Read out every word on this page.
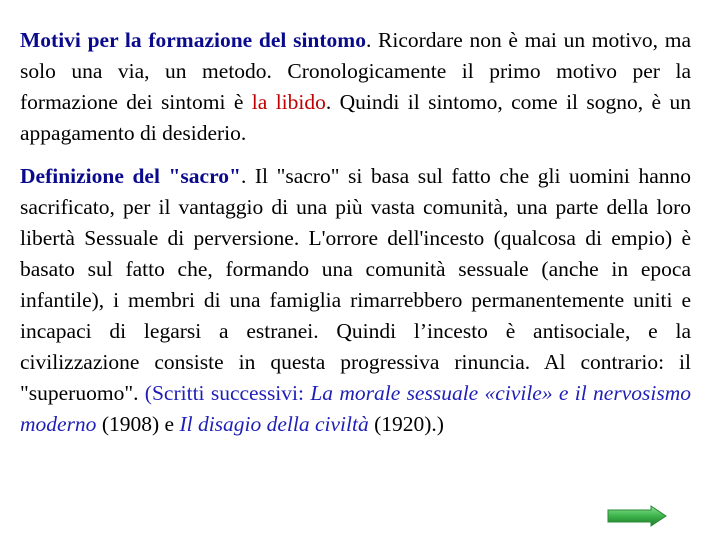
Motivi per la formazione del sintomo. Ricordare non è mai un motivo, ma solo una via, un metodo. Cronologicamente il primo motivo per la formazione dei sintomi è la libido. Quindi il sintomo, come il sogno, è un appagamento di desiderio.

Definizione del "sacro". Il "sacro" si basa sul fatto che gli uomini hanno sacrificato, per il vantaggio di una più vasta comunità, una parte della loro libertà Sessuale di perversione. L'orrore dell'incesto (qualcosa di empio) è basato sul fatto che, formando una comunità sessuale (anche in epoca infantile), i membri di una famiglia rimarrebbero permanentemente uniti e incapaci di legarsi a estranei. Quindi l’incesto è antisociale, e la civilizzazione consiste in questa progressiva rinuncia. Al contrario: il "superuomo". (Scritti successivi: La morale sessuale «civile» e il nervosismo moderno (1908) e Il disagio della civiltà (1920).)
